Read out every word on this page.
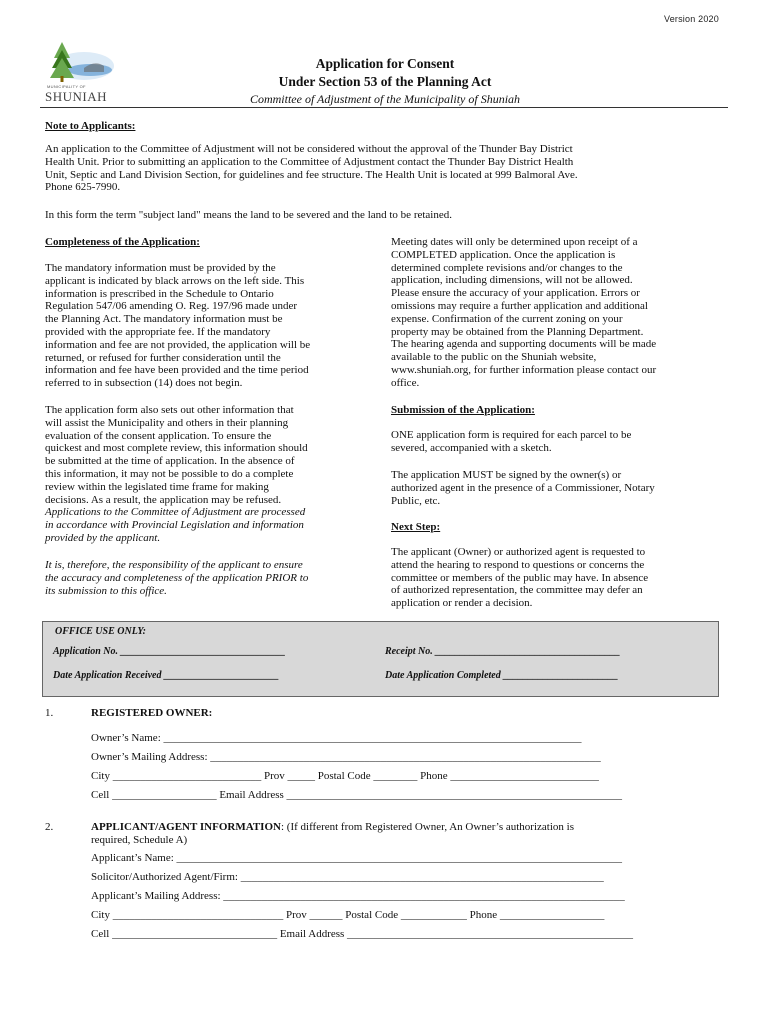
Version 2020
MUNICIPALITY OF
SHUNIAH
Application for Consent
Under Section 53 of the Planning Act
Committee of Adjustment of the Municipality of Shuniah
Note to Applicants:
An application to the Committee of Adjustment will not be considered without the approval of the Thunder Bay District
Health Unit. Prior to submitting an application to the Committee of Adjustment contact the Thunder Bay District Health
Unit, Septic and Land Division Section, for guidelines and fee structure. The Health Unit is located at 999 Balmoral Ave.
Phone 625-7990.
In this form the term "subject land" means the land to be severed and the land to be retained.
Completeness of the Application:
The mandatory information must be provided by the
applicant is indicated by black arrows on the left side. This
information is prescribed in the Schedule to Ontario
Regulation 547/06 amending O. Reg. 197/96 made under
the Planning Act. The mandatory information must be
provided with the appropriate fee. If the mandatory
information and fee are not provided, the application will be
returned, or refused for further consideration until the
information and fee have been provided and the time period
referred to in subsection (14) does not begin.
The application form also sets out other information that
will assist the Municipality and others in their planning
evaluation of the consent application. To ensure the
quickest and most complete review, this information should
be submitted at the time of application. In the absence of
this information, it may not be possible to do a complete
review within the legislated time frame for making
decisions. As a result, the application may be refused.
Applications to the Committee of Adjustment are processed
in accordance with Provincial Legislation and information
provided by the applicant.
It is, therefore, the responsibility of the applicant to ensure
the accuracy and completeness of the application PRIOR to
its submission to this office.
Meeting dates will only be determined upon receipt of a
COMPLETED application. Once the application is
determined complete revisions and/or changes to the
application, including dimensions, will not be allowed.
Please ensure the accuracy of your application. Errors or
omissions may require a further application and additional
expense. Confirmation of the current zoning on your
property may be obtained from the Planning Department.
The hearing agenda and supporting documents will be made
available to the public on the Shuniah website,
www.shuniah.org, for further information please contact our
office.
Submission of the Application:
ONE application form is required for each parcel to be
severed, accompanied with a sketch.
The application MUST be signed by the owner(s) or
authorized agent in the presence of a Commissioner, Notary
Public, etc.
Next Step:
The applicant (Owner) or authorized agent is requested to
attend the hearing to respond to questions or concerns the
committee or members of the public may have. In absence
of authorized representation, the committee may defer an
application or render a decision.
OFFICE USE ONLY:
Application No. _________________________________	Receipt No. _____________________________________
Date Application Received _______________________	Date Application Completed _______________________
1.	REGISTERED OWNER:
Owner’s Name: ____________________________________________________________________________
Owner’s Mailing Address: _______________________________________________________________________
City ___________________________ Prov _____ Postal Code ________ Phone ___________________________
Cell ___________________ Email Address _____________________________________________________________
2.	APPLICANT/AGENT INFORMATION: (If different from Registered Owner, An Owner’s authorization is
required, Schedule A)
Applicant’s Name: _________________________________________________________________________________
Solicitor/Authorized Agent/Firm: __________________________________________________________________
Applicant’s Mailing Address: _________________________________________________________________________
City _______________________________ Prov ______ Postal Code ____________ Phone ___________________
Cell ______________________________ Email Address ____________________________________________________
